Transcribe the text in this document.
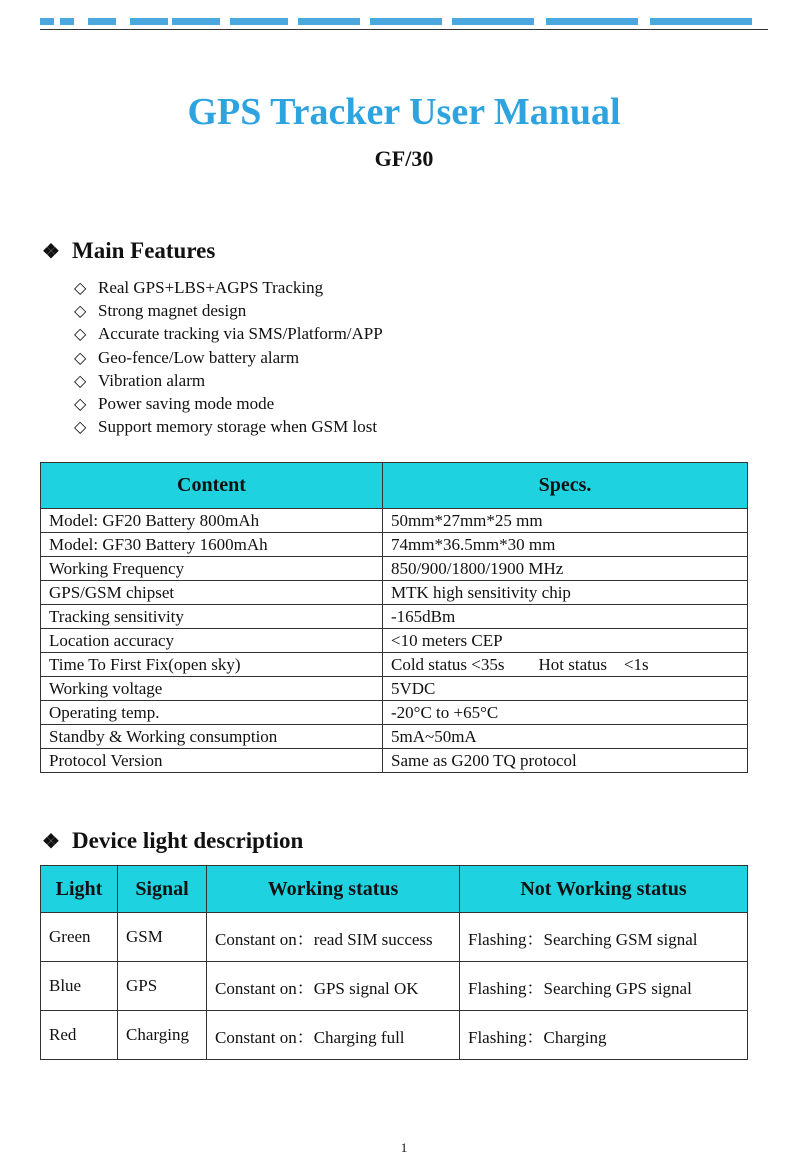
GPS Tracker User Manual
GF/30
❖ Main Features
◇ Real GPS+LBS+AGPS Tracking
◇ Strong magnet design
◇ Accurate tracking via SMS/Platform/APP
◇ Geo-fence/Low battery alarm
◇ Vibration alarm
◇ Power saving mode mode
◇ Support memory storage when GSM lost
Content	Specs.
Model: GF20 Battery 800mAh	50mm*27mm*25 mm
Model: GF30 Battery 1600mAh	74mm*36.5mm*30 mm
Working Frequency	850/900/1800/1900 MHz
GPS/GSM chipset	MTK high sensitivity chip
Tracking sensitivity	-165dBm
Location accuracy	<10 meters CEP
Time To First Fix(open sky)	Cold status <35s        Hot status    <1s
Working voltage	5VDC
Operating temp.	-20°C to +65°C
Standby & Working consumption	5mA~50mA
Protocol Version	Same as G200 TQ protocol
❖ Device light description
Light	Signal	Working status	Not Working status
Green	GSM	Constant on：read SIM success	Flashing：Searching GSM signal
Blue	GPS	Constant on：GPS signal OK	Flashing：Searching GPS signal
Red	Charging	Constant on：Charging full	Flashing：Charging
1
